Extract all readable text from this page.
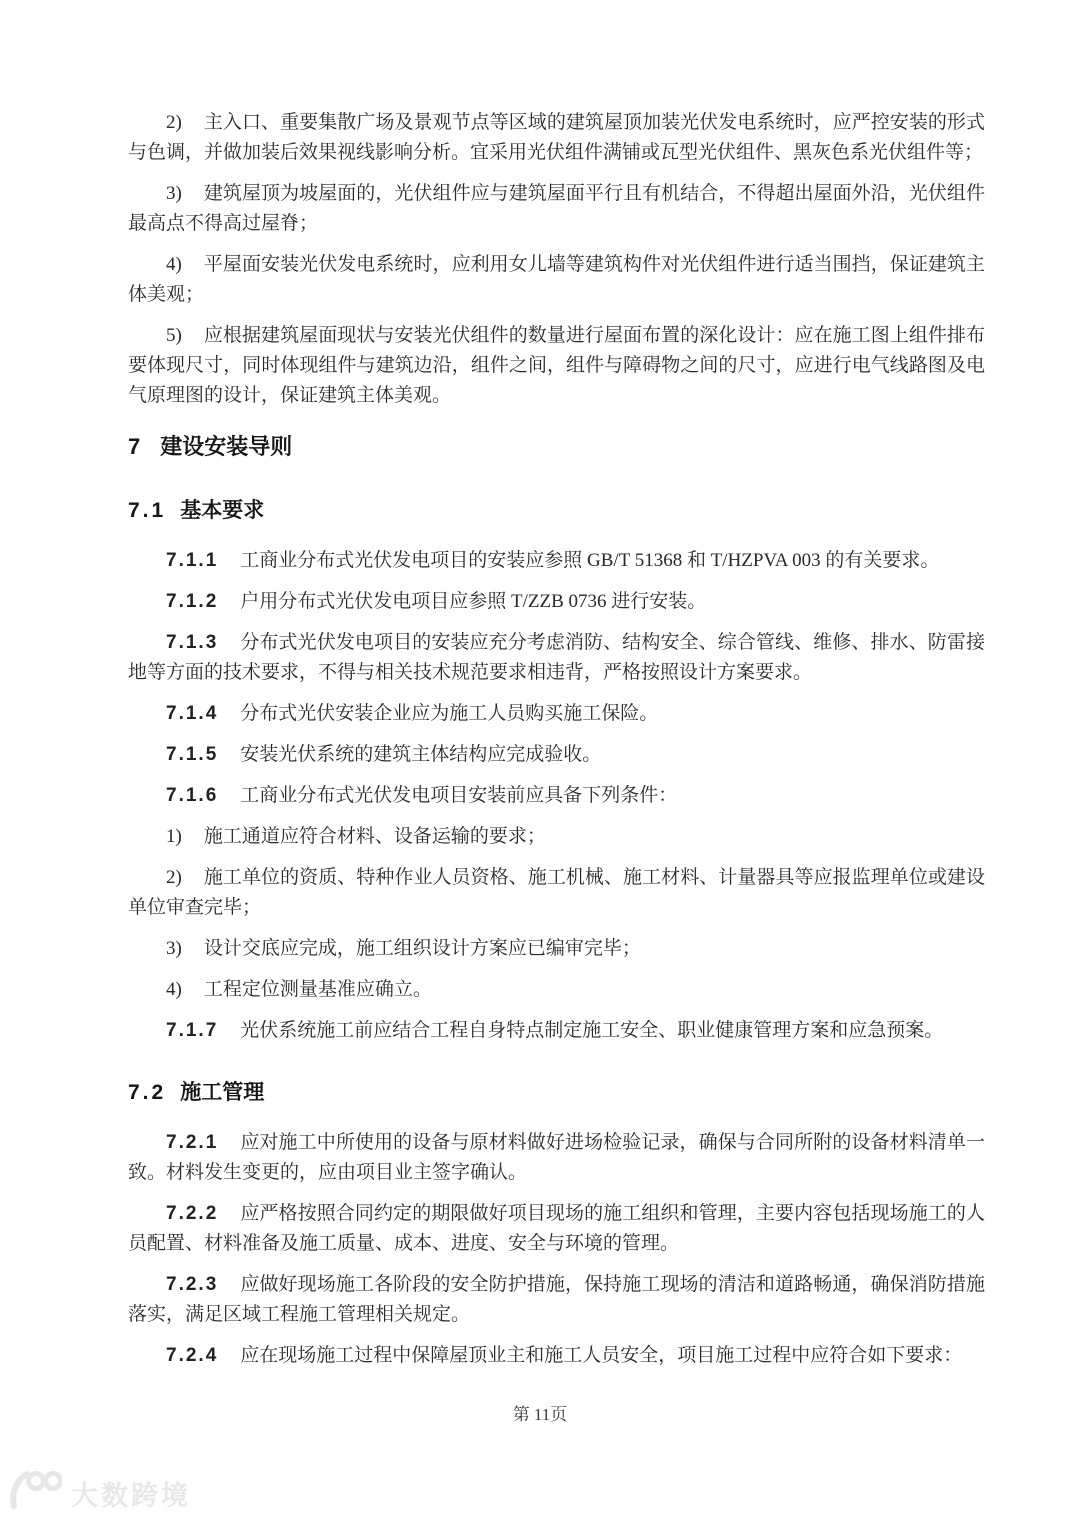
2) 主入口、重要集散广场及景观节点等区域的建筑屋顶加装光伏发电系统时，应严控安装的形式与色调，并做加装后效果视线影响分析。宜采用光伏组件满铺或瓦型光伏组件、黑灰色系光伏组件等；

3) 建筑屋顶为坡屋面的，光伏组件应与建筑屋面平行且有机结合，不得超出屋面外沿，光伏组件最高点不得高过屋脊；

4) 平屋面安装光伏发电系统时，应利用女儿墙等建筑构件对光伏组件进行适当围挡，保证建筑主体美观；

5) 应根据建筑屋面现状与安装光伏组件的数量进行屋面布置的深化设计：应在施工图上组件排布要体现尺寸，同时体现组件与建筑边沿，组件之间，组件与障碍物之间的尺寸，应进行电气线路图及电气原理图的设计，保证建筑主体美观。

7 建设安装导则
7.1 基本要求

7.1.1 工商业分布式光伏发电项目的安装应参照 GB/T 51368 和 T/HZPVA 003 的有关要求。

7.1.2 户用分布式光伏发电项目应参照 T/ZZB 0736 进行安装。

7.1.3 分布式光伏发电项目的安装应充分考虑消防、结构安全、综合管线、维修、排水、防雷接地等方面的技术要求，不得与相关技术规范要求相违背，严格按照设计方案要求。

7.1.4 分布式光伏安装企业应为施工人员购买施工保险。

7.1.5 安装光伏系统的建筑主体结构应完成验收。

7.1.6 工商业分布式光伏发电项目安装前应具备下列条件：

1) 施工通道应符合材料、设备运输的要求；

2) 施工单位的资质、特种作业人员资格、施工机械、施工材料、计量器具等应报监理单位或建设单位审查完毕；

3) 设计交底应完成，施工组织设计方案应已编审完毕；

4) 工程定位测量基准应确立。

7.1.7 光伏系统施工前应结合工程自身特点制定施工安全、职业健康管理方案和应急预案。

7.2 施工管理

7.2.1 应对施工中所使用的设备与原材料做好进场检验记录，确保与合同所附的设备材料清单一致。材料发生变更的，应由项目业主签字确认。

7.2.2 应严格按照合同约定的期限做好项目现场的施工组织和管理，主要内容包括现场施工的人员配置、材料准备及施工质量、成本、进度、安全与环境的管理。

7.2.3 应做好现场施工各阶段的安全防护措施，保持施工现场的清洁和道路畅通，确保消防措施落实，满足区域工程施工管理相关规定。

7.2.4 应在现场施工过程中保障屋顶业主和施工人员安全，项目施工过程中应符合如下要求：

第 11页
大数跨境
